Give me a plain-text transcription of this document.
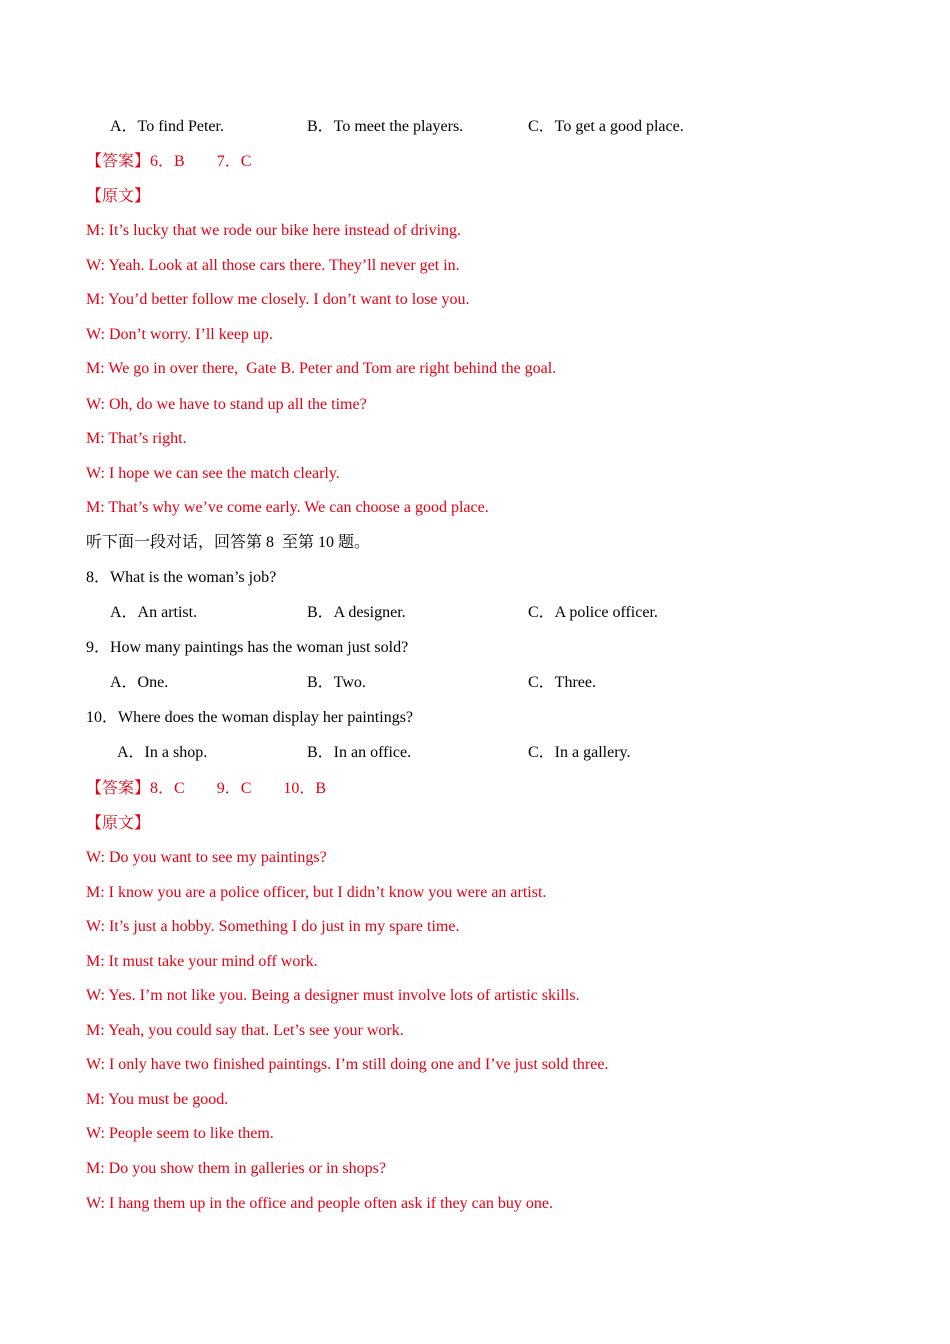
A．To find Peter.	B．To meet the players.	C．To get a good place.
【答案】6．B        7．C
【原文】
M: It’s lucky that we rode our bike here instead of driving.
W: Yeah. Look at all those cars there. They’ll never get in.
M: You’d better follow me closely. I don’t want to lose you.
W: Don’t worry. I’ll keep up.
M: We go in over there,  Gate B. Peter and Tom are right behind the goal.
W: Oh, do we have to stand up all the time?
M: That’s right.
W: I hope we can see the match clearly.
M: That’s why we’ve come early. We can choose a good place.
听下面一段对话，回答第 8  至第 10 题。
8．What is the woman’s job?
A．An artist.	B．A designer.	C．A police officer.
9．How many paintings has the woman just sold?
A．One.	B．Two.	C．Three.
10．Where does the woman display her paintings?
A．In a shop.	B．In an office.	C．In a gallery.
【答案】8．C        9．C        10．B
【原文】
W: Do you want to see my paintings?
M: I know you are a police officer, but I didn’t know you were an artist.
W: It’s just a hobby. Something I do just in my spare time.
M: It must take your mind off work.
W: Yes. I’m not like you. Being a designer must involve lots of artistic skills.
M: Yeah, you could say that. Let’s see your work.
W: I only have two finished paintings. I’m still doing one and I’ve just sold three.
M: You must be good.
W: People seem to like them.
M: Do you show them in galleries or in shops?
W: I hang them up in the office and people often ask if they can buy one.
